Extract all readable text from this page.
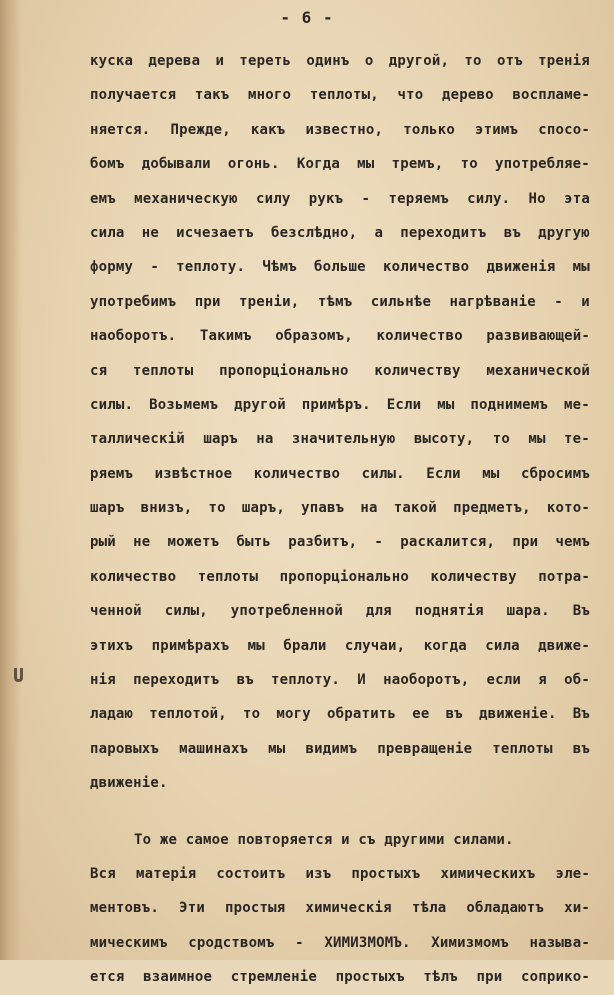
- 6 -
куска дерева и тереть одинъ о другой, то отъ тренія
получается такъ много теплоты, что дерево воспламе-
няется. Прежде, какъ известно, только этимъ спосо-
бомъ добывали огонь. Когда мы тремъ, то употребляе-
емъ механическую силу рукъ - теряемъ силу. Но эта
сила не исчезаетъ безслѣдно, а переходитъ въ другую
форму - теплоту. Чѣмъ больше количество движенія мы
употребимъ при треніи, тѣмъ сильнѣе нагрѣваніе - и
наоборотъ. Такимъ образомъ, количество развивающей-
ся теплоты пропорціонально количеству механической
силы. Возьмемъ другой примѣръ. Если мы поднимемъ ме-
таллическій шаръ на значительную высоту, то мы те-
ряемъ извѣстное количество силы. Если мы сбросимъ
шаръ внизъ, то шаръ, упавъ на такой предметъ, кото-
рый не можетъ быть разбитъ, - раскалится, при чемъ
количество теплоты пропорціонально количеству потра-
ченной силы, употребленной для поднятія шара. Въ
этихъ примѣрахъ мы брали случаи, когда сила движе-
нія переходитъ въ теплоту. И наоборотъ, если я об-
ладаю теплотой, то могу обратить ее въ движеніе. Въ
паровыхъ машинахъ мы видимъ превращеніе теплоты въ
движеніе.
То же самое повторяется и съ другими силами.
Вся матерія состоитъ изъ простыхъ химическихъ эле-
ментовъ. Эти простыя химическія тѣла обладаютъ хи-
мическимъ сродствомъ - ХИМИЗМОМЪ. Химизмомъ называ-
ется взаимное стремленіе простыхъ тѣлъ при соприко-
